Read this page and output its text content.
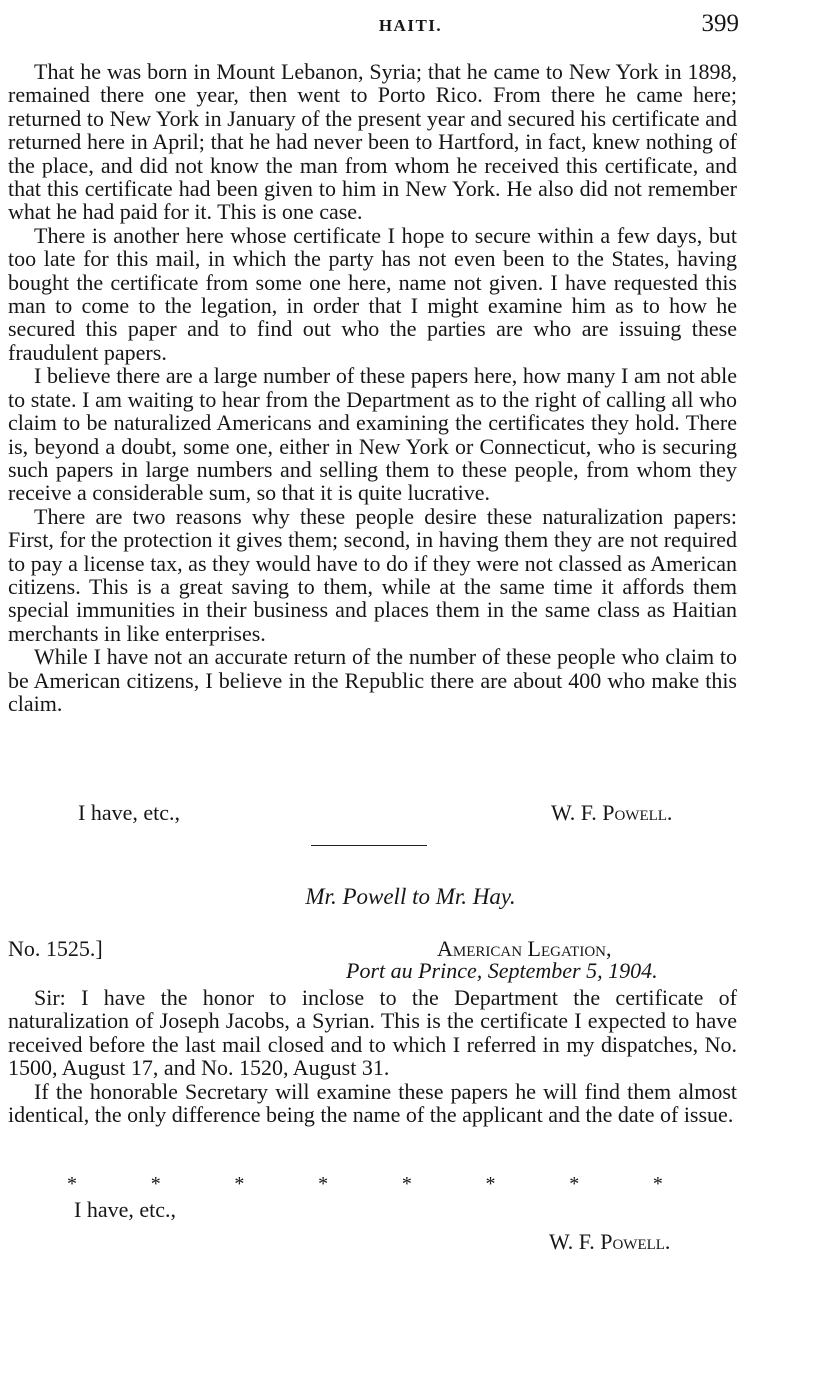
HAITI.	399

That he was born in Mount Lebanon, Syria; that he came to New York in 1898, remained there one year, then went to Porto Rico. From there he came here; returned to New York in January of the present year and secured his certificate and returned here in April; that he had never been to Hartford, in fact, knew nothing of the place, and did not know the man from whom he received this certificate, and that this certificate had been given to him in New York. He also did not remember what he had paid for it. This is one case.

There is another here whose certificate I hope to secure within a few days, but too late for this mail, in which the party has not even been to the States, having bought the certificate from some one here, name not given. I have requested this man to come to the legation, in order that I might examine him as to how he secured this paper and to find out who the parties are who are issuing these fraudulent papers.

I believe there are a large number of these papers here, how many I am not able to state. I am waiting to hear from the Department as to the right of calling all who claim to be naturalized Americans and examining the certificates they hold. There is, beyond a doubt, some one, either in New York or Connecticut, who is securing such papers in large numbers and selling them to these people, from whom they receive a considerable sum, so that it is quite lucrative.

There are two reasons why these people desire these naturalization papers: First, for the protection it gives them; second, in having them they are not required to pay a license tax, as they would have to do if they were not classed as American citizens. This is a great saving to them, while at the same time it affords them special immunities in their business and places them in the same class as Haitian merchants in like enterprises.

While I have not an accurate return of the number of these people who claim to be American citizens, I believe in the Republic there are about 400 who make this claim.

I have, etc.,	W. F. Powell.
Mr. Powell to Mr. Hay.
No. 1525.]	American Legation,
Port au Prince, September 5, 1904.

Sir: I have the honor to inclose to the Department the certificate of naturalization of Joseph Jacobs, a Syrian. This is the certificate I expected to have received before the last mail closed and to which I referred in my dispatches, No. 1500, August 17, and No. 1520, August 31.

If the honorable Secretary will examine these papers he will find them almost identical, the only difference being the name of the applicant and the date of issue.

*	*	*	*	*	*	*	*
I have, etc.,
W. F. Powell.
